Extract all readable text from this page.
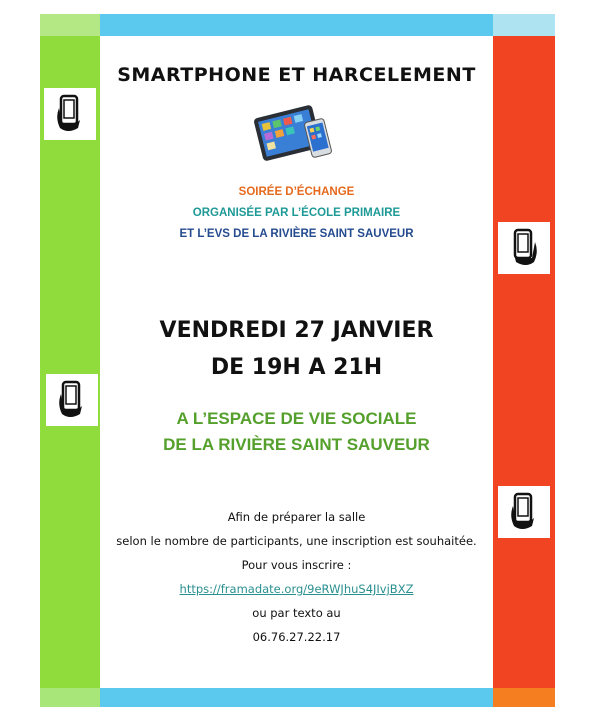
SMARTPHONE ET HARCELEMENT
SOIRÉE D’ÉCHANGE
ORGANISÉE PAR L’ÉCOLE PRIMAIRE
ET L’EVS DE LA RIVIÈRE SAINT SAUVEUR
VENDREDI 27 JANVIER
DE 19H A 21H
A L’ESPACE DE VIE SOCIALE
DE LA RIVIÈRE SAINT SAUVEUR
Afin de préparer la salle
selon le nombre de participants, une inscription est souhaitée.
Pour vous inscrire :
https://framadate.org/9eRWJhuS4JIvjBXZ
ou par texto au
06.76.27.22.17
